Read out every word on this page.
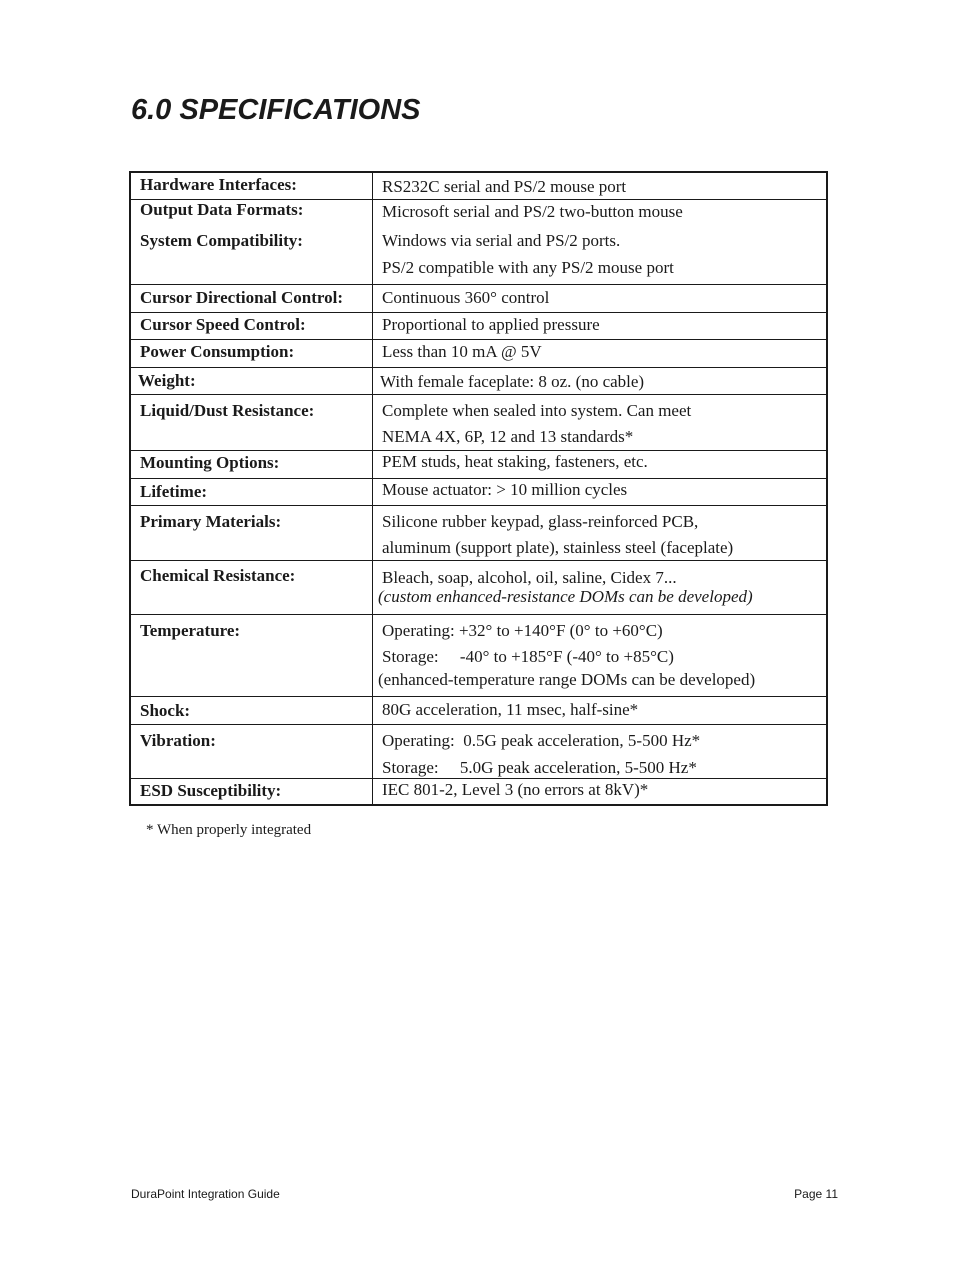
6.0 SPECIFICATIONS
Hardware Interfaces:	RS232C serial and PS/2 mouse port
Output Data Formats:	Microsoft serial and PS/2 two-button mouse
System Compatibility:	Windows via serial and PS/2 ports.
PS/2 compatible with any PS/2 mouse port
Cursor Directional Control: Continuous 360° control
Cursor Speed Control:	Proportional to applied pressure
Power Consumption:	Less than 10 mA @ 5V
Weight:	With female faceplate: 8 oz. (no cable)
Liquid/Dust Resistance:	Complete when sealed into system. Can meet
NEMA 4X, 6P, 12 and 13 standards*
Mounting Options:	PEM studs, heat staking, fasteners, etc.
Lifetime:	Mouse actuator: > 10 million cycles
Primary Materials:	Silicone rubber keypad, glass-reinforced PCB,
aluminum (support plate), stainless steel (faceplate)
Chemical Resistance:	Bleach, soap, alcohol, oil, saline, Cidex 7...
(custom enhanced-resistance DOMs can be developed)
Temperature:	Operating: +32° to +140°F (0° to +60°C)
Storage:     -40° to +185°F (-40° to +85°C)
(enhanced-temperature range DOMs can be developed)
Shock:	80G acceleration, 11 msec, half-sine*
Vibration:	Operating:  0.5G peak acceleration, 5-500 Hz*
Storage:     5.0G peak acceleration, 5-500 Hz*
ESD Susceptibility:	IEC 801-2, Level 3 (no errors at 8kV)*
* When properly integrated
DuraPoint Integration Guide	Page 11
